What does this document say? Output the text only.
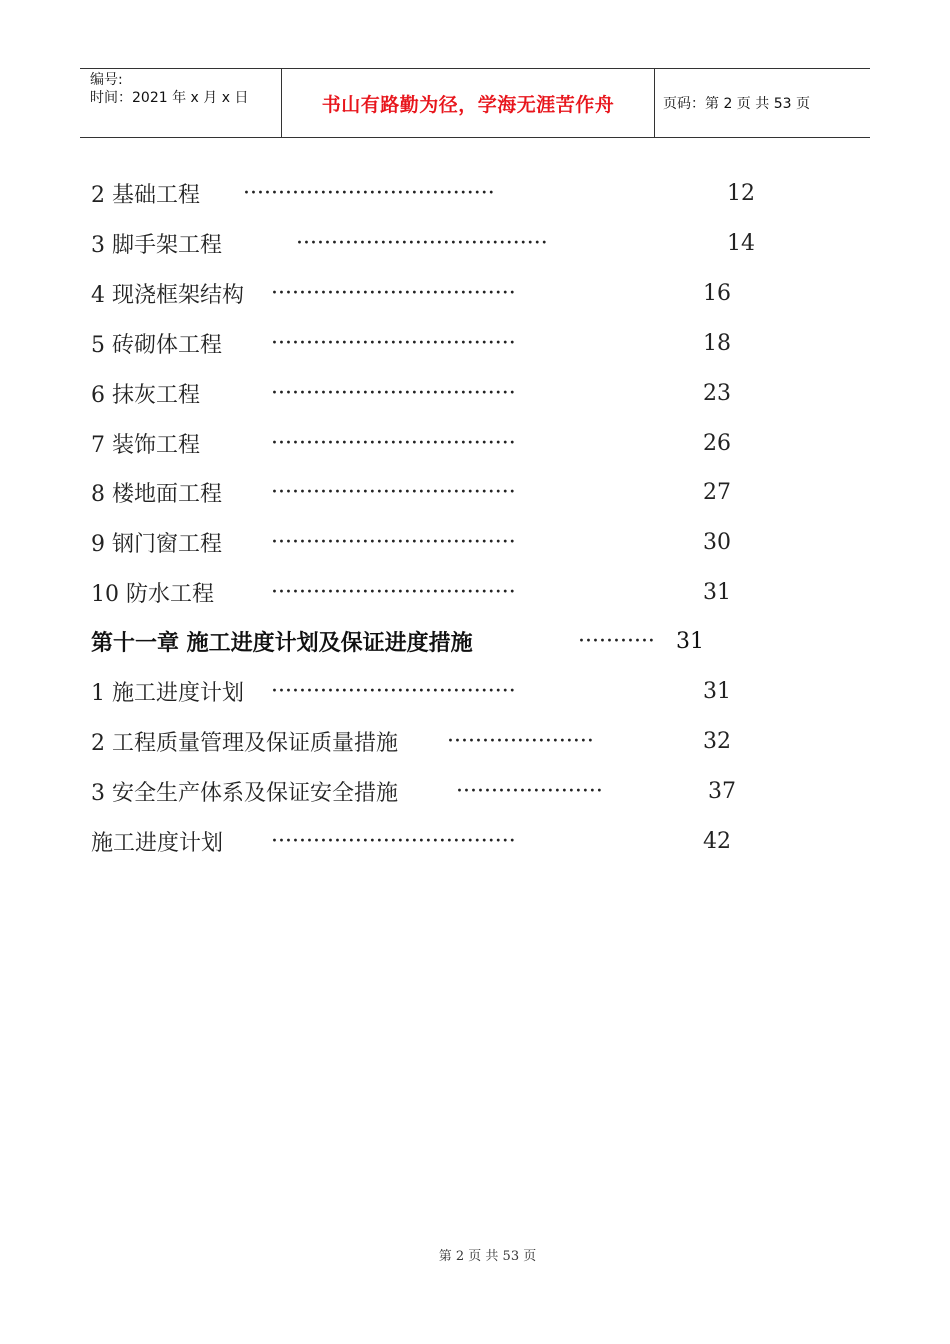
编号:
时间：2021 年 x 月 x 日	书山有路勤为径，学海无涯苦作舟	页码：第 2 页 共 53 页
2 基础工程	····································	12
3 脚手架工程	····································	14
4 现浇框架结构	···································	16
5 砖砌体工程	···································	18
6 抹灰工程	···································	23
7 装饰工程	···································	26
8 楼地面工程	···································	27
9 钢门窗工程	···································	30
10 防水工程	···································	31
第十一章 施工进度计划及保证进度措施	··········· 31
1 施工进度计划	···································	31
2 工程质量管理及保证质量措施	·····················	32
3 安全生产体系及保证安全措施	·····················	37
施工进度计划	···································	42
第 2 页 共 53 页
